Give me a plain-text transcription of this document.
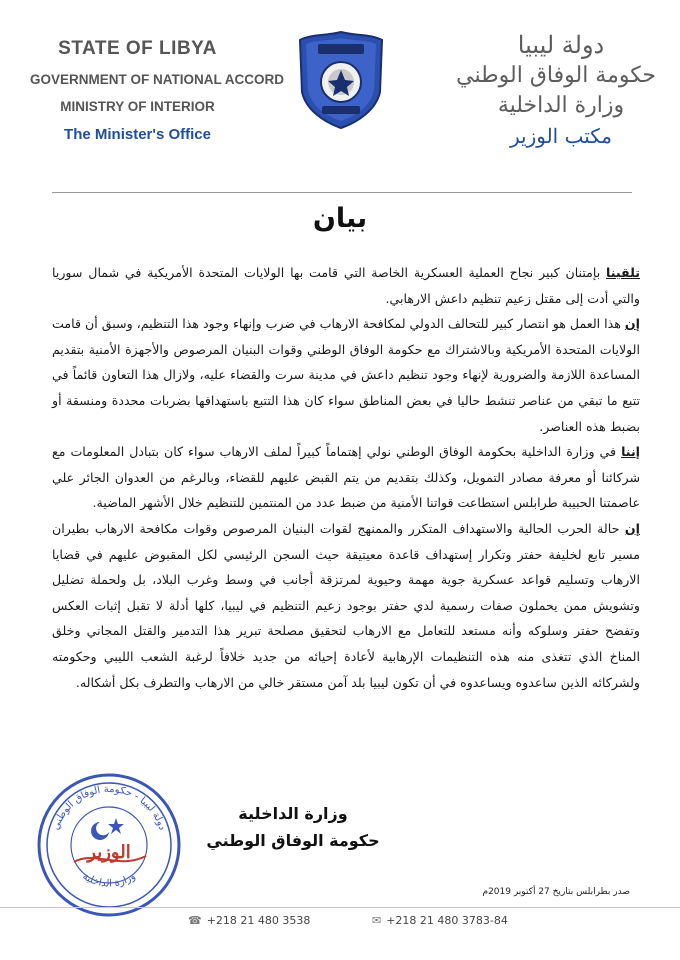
STATE OF LIBYA
GOVERNMENT OF NATIONAL ACCORD
MINISTRY OF INTERIOR
The Minister's Office
دولة ليبيا
حكومة الوفاق الوطني
وزارة الداخلية
مكتب الوزير
بيان

تلقينا بإمتنان كبير نجاح العملية العسكرية الخاصة التي قامت بها الولايات المتحدة الأمريكية في شمال سوريا والتي أدت إلى مقتل زعيم تنظيم داعش الارهابي.

إن هذا العمل هو انتصار كبير للتحالف الدولي لمكافحة الارهاب في ضرب وإنهاء وجود هذا التنظيم، وسبق أن قامت الولايات المتحدة الأمريكية وبالاشتراك مع حكومة الوفاق الوطني وقوات البنيان المرصوص والأجهزة الأمنية بتقديم المساعدة اللازمة والضرورية لإنهاء وجود تنظيم داعش في مدينة سرت والقضاء عليه، ولازال هذا التعاون قائماً في تتبع ما تبقي من عناصر تنشط حاليا في بعض المناطق سواء كان هذا التتبع باستهدافها بضربات محددة ومنسقة أو بضبط هذه العناصر.

إننا في وزارة الداخلية بحكومة الوفاق الوطني نولي إهتماماً كبيراً لملف الارهاب سواء كان بتبادل المعلومات مع شركائنا أو معرفة مصادر التمويل، وكذلك بتقديم من يتم القبض عليهم للقضاء، وبالرغم من العدوان الجائر علي عاصمتنا الحبيبة طرابلس استطاعت قواتنا الأمنية من ضبط عدد من المنتمين للتنظيم خلال الأشهر الماضية.

إن حالة الحرب الحالية والاستهداف المتكرر والممنهج لقوات البنيان المرصوص وقوات مكافحة الارهاب بطيران مسير تابع لخليفة حفتر وتكرار إستهداف قاعدة معيتيقة حيث السجن الرئيسي لكل المقبوض عليهم في قضايا الارهاب وتسليم قواعد عسكرية جوية مهمة وحيوية لمرتزقة أجانب في وسط وغرب البلاد، بل ولحملة تضليل وتشويش ممن يحملون صفات رسمية لدي حفتر بوجود زعيم التنظيم في ليبيا، كلها أدلة لا تقبل إثبات العكس وتفضح حفتر وسلوكه وأنه مستعد للتعامل مع الارهاب لتحقيق مصلحة تبرير هذا التدمير والقتل المجاني وخلق المناخ الذي تتغذى منه هذه التنظيمات الإرهابية لأعادة إحيائه من جديد خلافاً لرغبة الشعب الليبي وحكومته ولشركائه الذين ساعدوه ويساعدوه في أن تكون ليبيا بلد آمن مستقر خالي من الارهاب والتطرف بكل أشكاله.

دولة ليبيا - حكومة الوفاق الوطني
وزارة الداخلية
الوزير
وزارة الداخلية
حكومة الوفاق الوطني
صدر بطرابلس بتاريخ 27 أكتوبر 2019م
☎ +218 21 480 3538	✉ +218 21 480 3783-84
